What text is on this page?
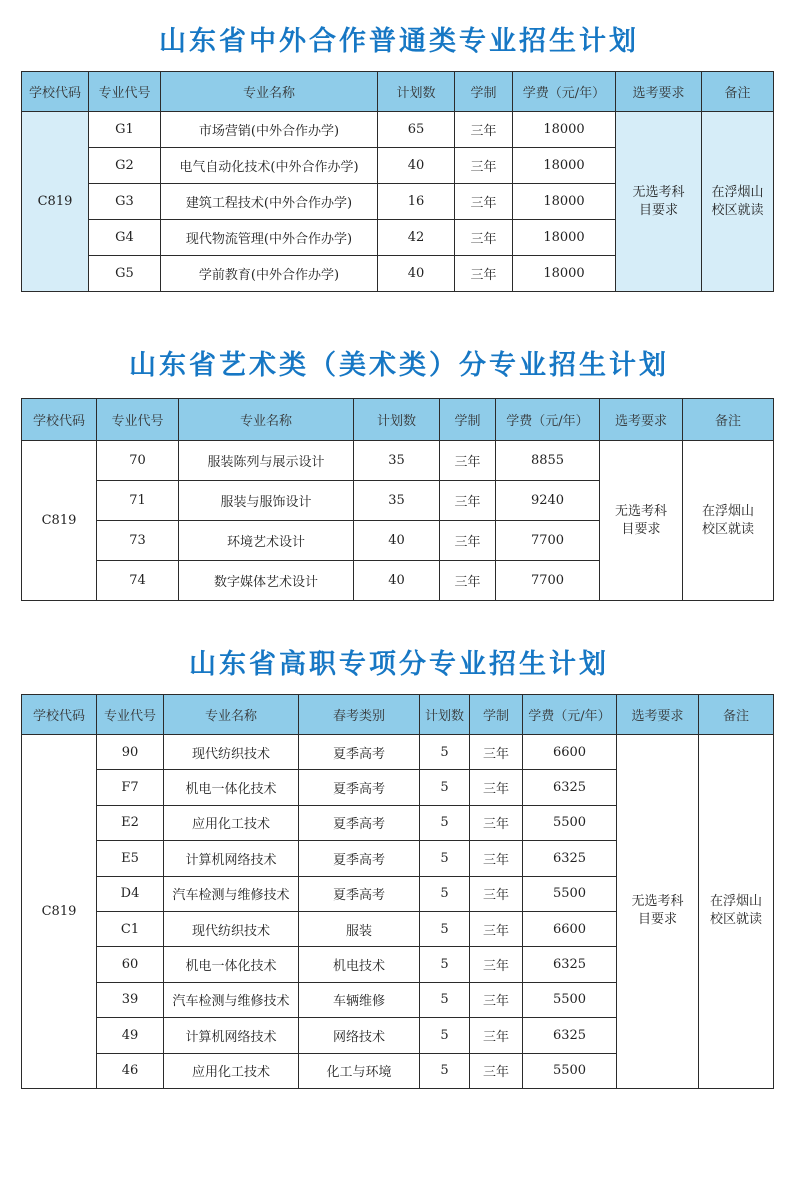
山东省中外合作普通类专业招生计划
学校代码	专业代号	专业名称	计划数	学制	学费（元/年）	选考要求	备注
C819	G1	市场营销(中外合作办学)	65	三年	18000	无选考科目要求	在浮烟山校区就读
	G2	电气自动化技术(中外合作办学)	40	三年	18000		
	G3	建筑工程技术(中外合作办学)	16	三年	18000		
	G4	现代物流管理(中外合作办学)	42	三年	18000		
	G5	学前教育(中外合作办学)	40	三年	18000		
山东省艺术类（美术类）分专业招生计划
学校代码	专业代号	专业名称	计划数	学制	学费（元/年）	选考要求	备注
C819	70	服装陈列与展示设计	35	三年	8855	无选考科目要求	在浮烟山校区就读
	71	服装与服饰设计	35	三年	9240		
	73	环境艺术设计	40	三年	7700		
	74	数字媒体艺术设计	40	三年	7700		
山东省高职专项分专业招生计划
学校代码	专业代号	专业名称	春考类别	计划数	学制	学费（元/年）	选考要求	备注
C819	90	现代纺织技术	夏季高考	5	三年	6600	无选考科目要求	在浮烟山校区就读
	F7	机电一体化技术	夏季高考	5	三年	6325		
	E2	应用化工技术	夏季高考	5	三年	5500		
	E5	计算机网络技术	夏季高考	5	三年	6325		
	D4	汽车检测与维修技术	夏季高考	5	三年	5500		
	C1	现代纺织技术	服装	5	三年	6600		
	60	机电一体化技术	机电技术	5	三年	6325		
	39	汽车检测与维修技术	车辆维修	5	三年	5500		
	49	计算机网络技术	网络技术	5	三年	6325		
	46	应用化工技术	化工与环境	5	三年	5500		
